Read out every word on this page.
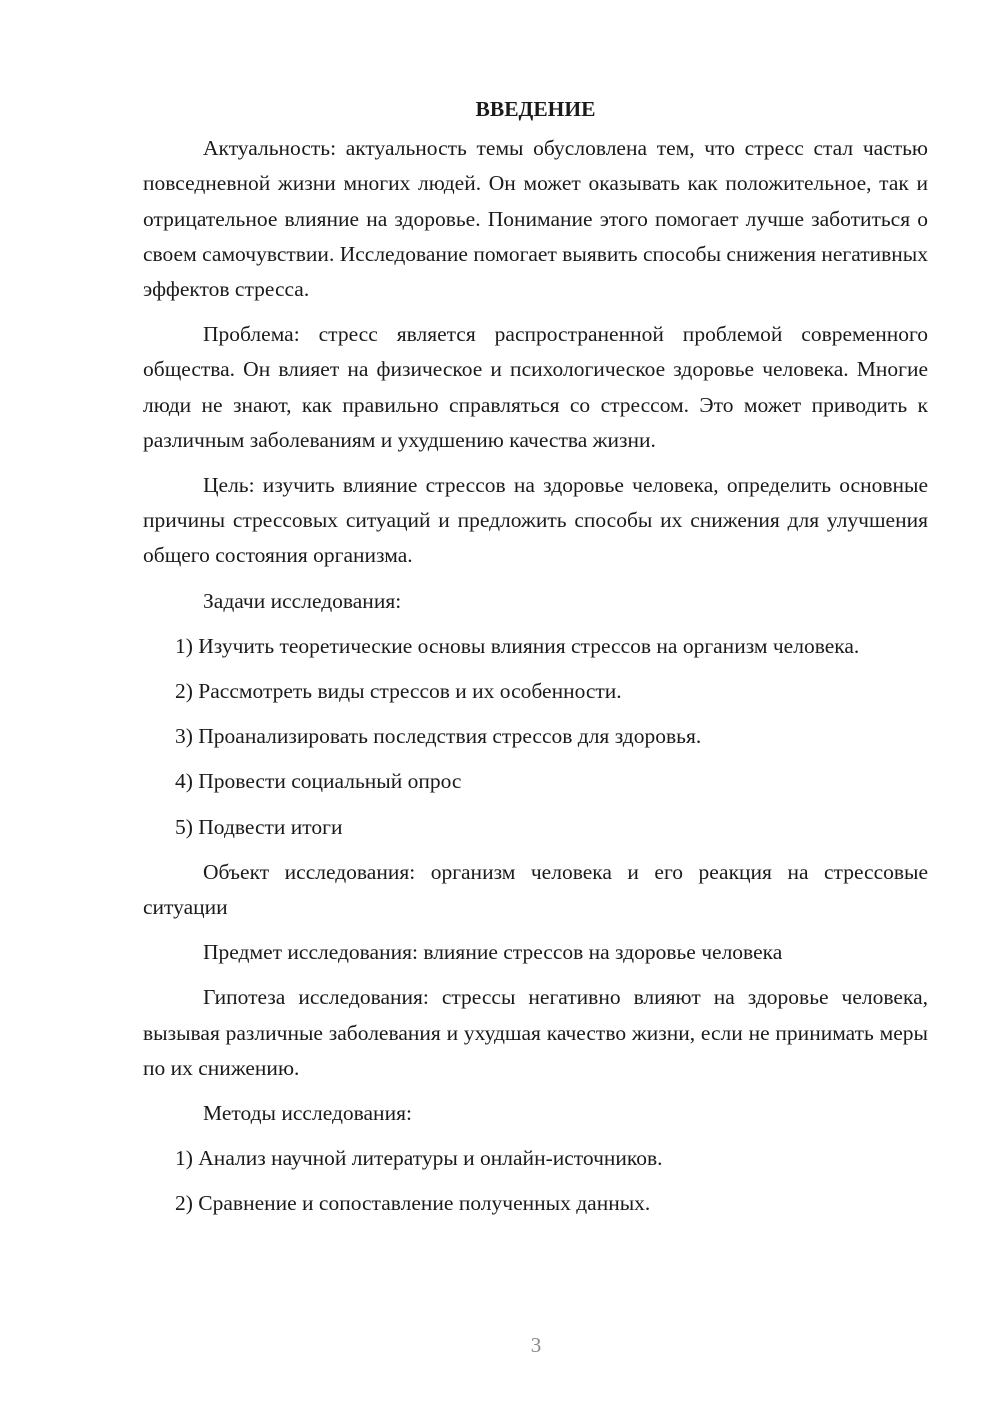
ВВЕДЕНИЕ

Актуальность: актуальность темы обусловлена тем, что стресс стал частью повседневной жизни многих людей. Он может оказывать как положительное, так и отрицательное влияние на здоровье. Понимание этого помогает лучше заботиться о своем самочувствии. Исследование помогает выявить способы снижения негативных эффектов стресса.

Проблема: стресс является распространенной проблемой современного общества. Он влияет на физическое и психологическое здоровье человека. Многие люди не знают, как правильно справляться со стрессом. Это может приводить к различным заболеваниям и ухудшению качества жизни.

Цель: изучить влияние стрессов на здоровье человека, определить основные причины стрессовых ситуаций и предложить способы их снижения для улучшения общего состояния организма.

Задачи исследования:

1) Изучить теоретические основы влияния стрессов на организм человека.

2) Рассмотреть виды стрессов и их особенности.

3) Проанализировать последствия стрессов для здоровья.

4) Провести социальный опрос

5) Подвести итоги

Объект исследования: организм человека и его реакция на стрессовые ситуации

Предмет исследования: влияние стрессов на здоровье человека

Гипотеза исследования: стрессы негативно влияют на здоровье человека, вызывая различные заболевания и ухудшая качество жизни, если не принимать меры по их снижению.

Методы исследования:

1) Анализ научной литературы и онлайн-источников.

2) Сравнение и сопоставление полученных данных.

3
